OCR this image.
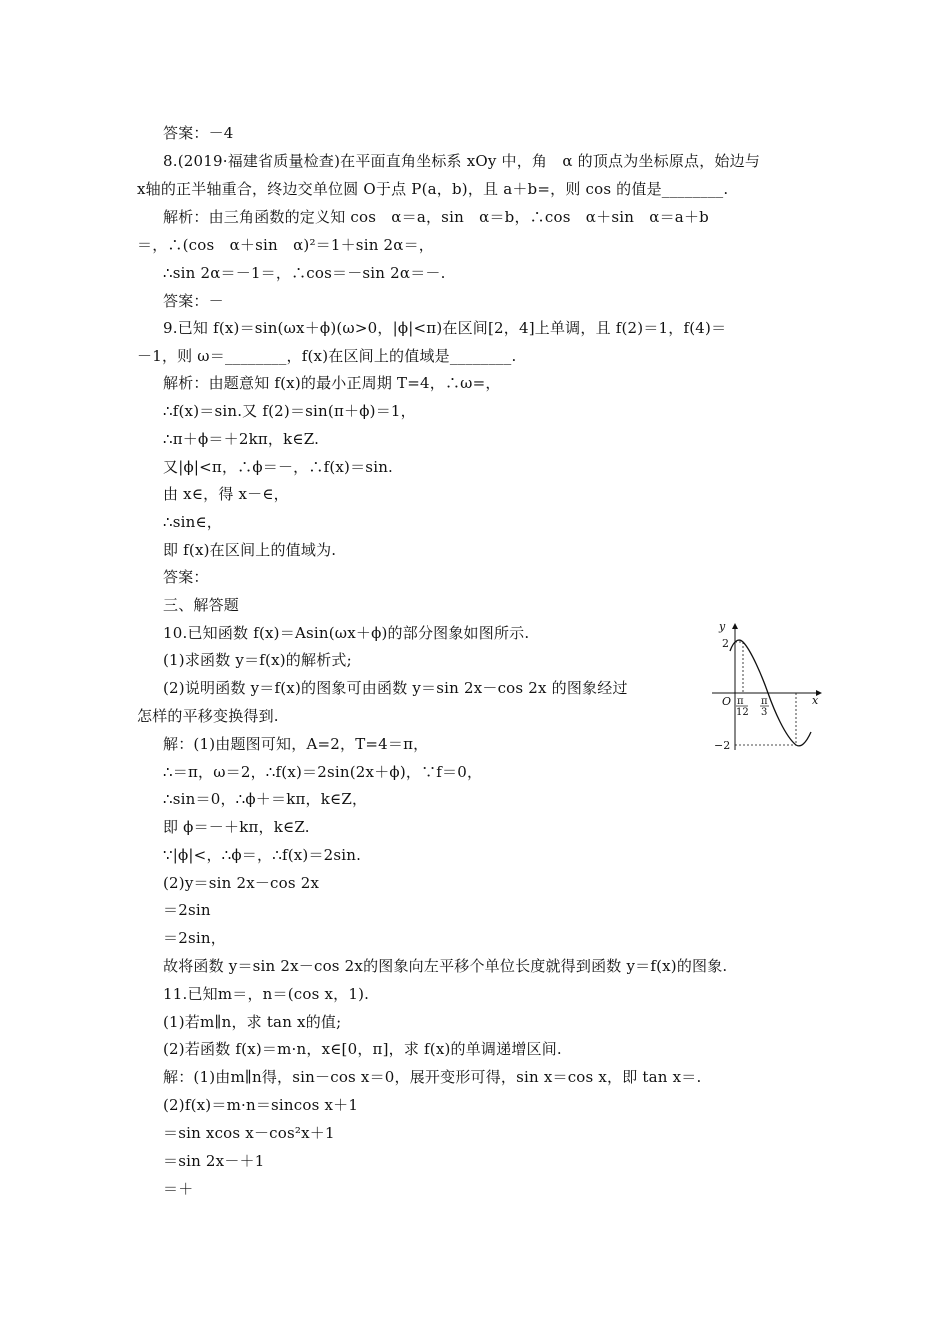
答案：－4
8.(2019·福建省质量检查)在平面直角坐标系 xOy 中，角　α 的顶点为坐标原点，始边与
x轴的正半轴重合，终边交单位圆 O于点 P(a，b)，且 a＋b=，则 cos 的值是________.
解析：由三角函数的定义知 cos　α＝a，sin　α＝b，∴cos　α＋sin　α＝a＋b
＝，∴(cos　α＋sin　α)²＝1＋sin 2α＝，
∴sin 2α＝－1＝，∴cos＝－sin 2α＝－.
答案：－
9.已知 f(x)＝sin(ωx＋ϕ)(ω>0，|ϕ|<π)在区间[2，4]上单调，且 f(2)＝1，f(4)＝
－1，则 ω＝________，f(x)在区间上的值域是________.
解析：由题意知 f(x)的最小正周期 T=4，∴ω=，
∴f(x)＝sin.又 f(2)＝sin(π＋ϕ)＝1，
∴π＋ϕ＝＋2kπ，k∈Z.
又|ϕ|<π，∴ϕ＝－，∴f(x)＝sin.
由 x∈，得 x－∈，
∴sin∈，
即 f(x)在区间上的值域为.
答案：
三、解答题
10.已知函数 f(x)＝Asin(ωx＋ϕ)的部分图象如图所示.
(1)求函数 y＝f(x)的解析式;
(2)说明函数 y＝f(x)的图象可由函数 y＝sin 2x－cos 2x 的图象经过
怎样的平移变换得到.
解：(1)由题图可知，A=2，T=4＝π，
∴＝π，ω＝2，∴f(x)＝2sin(2x＋ϕ)，∵f＝0，
∴sin＝0，∴ϕ＋＝kπ，k∈Z，
即 ϕ＝－＋kπ，k∈Z.
∵|ϕ|<，∴ϕ＝，∴f(x)＝2sin.
(2)y＝sin 2x－cos 2x
＝2sin
＝2sin，
故将函数 y＝sin 2x－cos 2x的图象向左平移个单位长度就得到函数 y＝f(x)的图象.
11.已知m＝，n＝(cos x，1).
(1)若m∥n，求 tan x的值;
(2)若函数 f(x)＝m·n，x∈[0，π]，求 f(x)的单调递增区间.
解：(1)由m∥n得，sin－cos x＝0，展开变形可得，sin x＝cos x，即 tan x＝.
(2)f(x)＝m·n＝sincos x＋1
＝sin xcos x－cos²x＋1
＝sin 2x－＋1
＝＋
y
x
O
2
−2
π
12
π
3
